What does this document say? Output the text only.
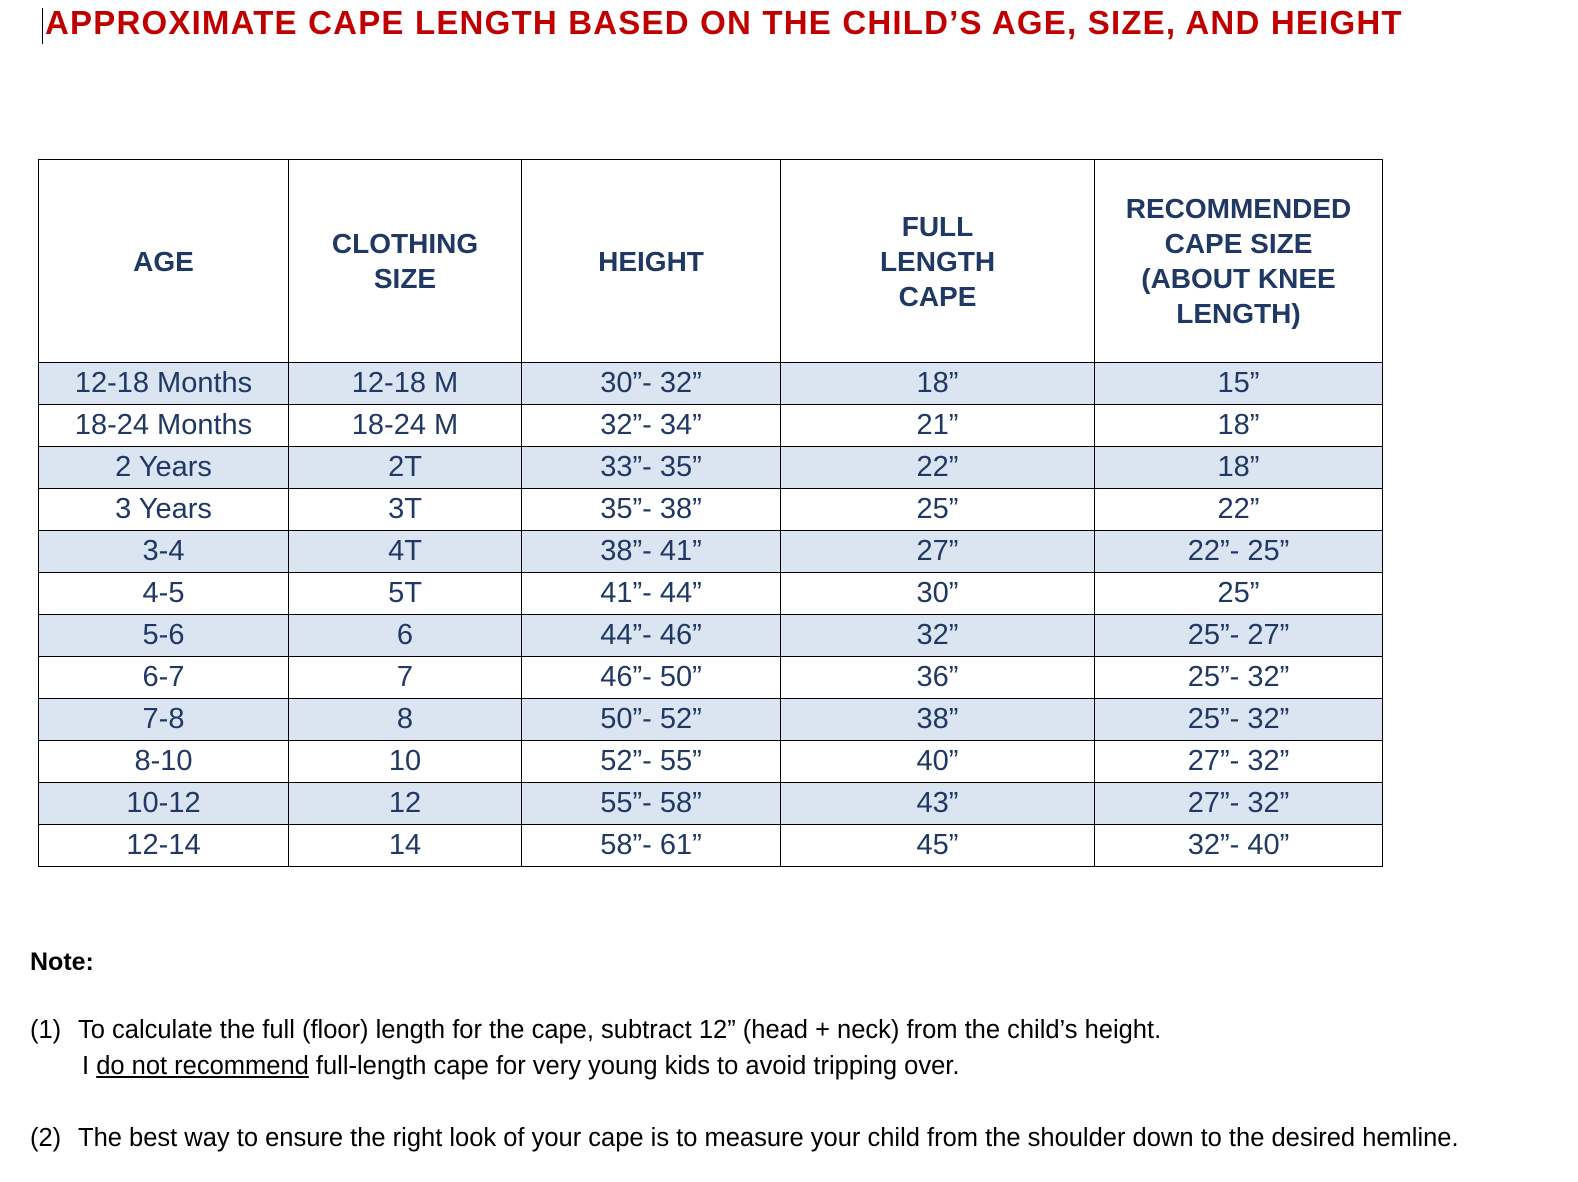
APPROXIMATE CAPE LENGTH BASED ON THE CHILD’S AGE, SIZE, AND HEIGHT
AGE	CLOTHING SIZE	HEIGHT	FULL LENGTH CAPE	RECOMMENDED CAPE SIZE (ABOUT KNEE LENGTH)

12-18 Months	12-18 M	30”- 32”	18”	15”
18-24 Months	18-24 M	32”- 34”	21”	18”
2 Years	2T	33”- 35”	22”	18”
3 Years	3T	35”- 38”	25”	22”
3-4	4T	38”- 41”	27”	22”- 25”
4-5	5T	41”- 44”	30”	25”
5-6	6	44”- 46”	32”	25”- 27”
6-7	7	46”- 50”	36”	25”- 32”
7-8	8	50”- 52”	38”	25”- 32”
8-10	10	52”- 55”	40”	27”- 32”
10-12	12	55”- 58”	43”	27”- 32”
12-14	14	58”- 61”	45”	32”- 40”
Note:
(1) To calculate the full (floor) length for the cape, subtract 12” (head + neck) from the child’s height.
I do not recommend full-length cape for very young kids to avoid tripping over.
(2) The best way to ensure the right look of your cape is to measure your child from the shoulder down to the desired hemline.
